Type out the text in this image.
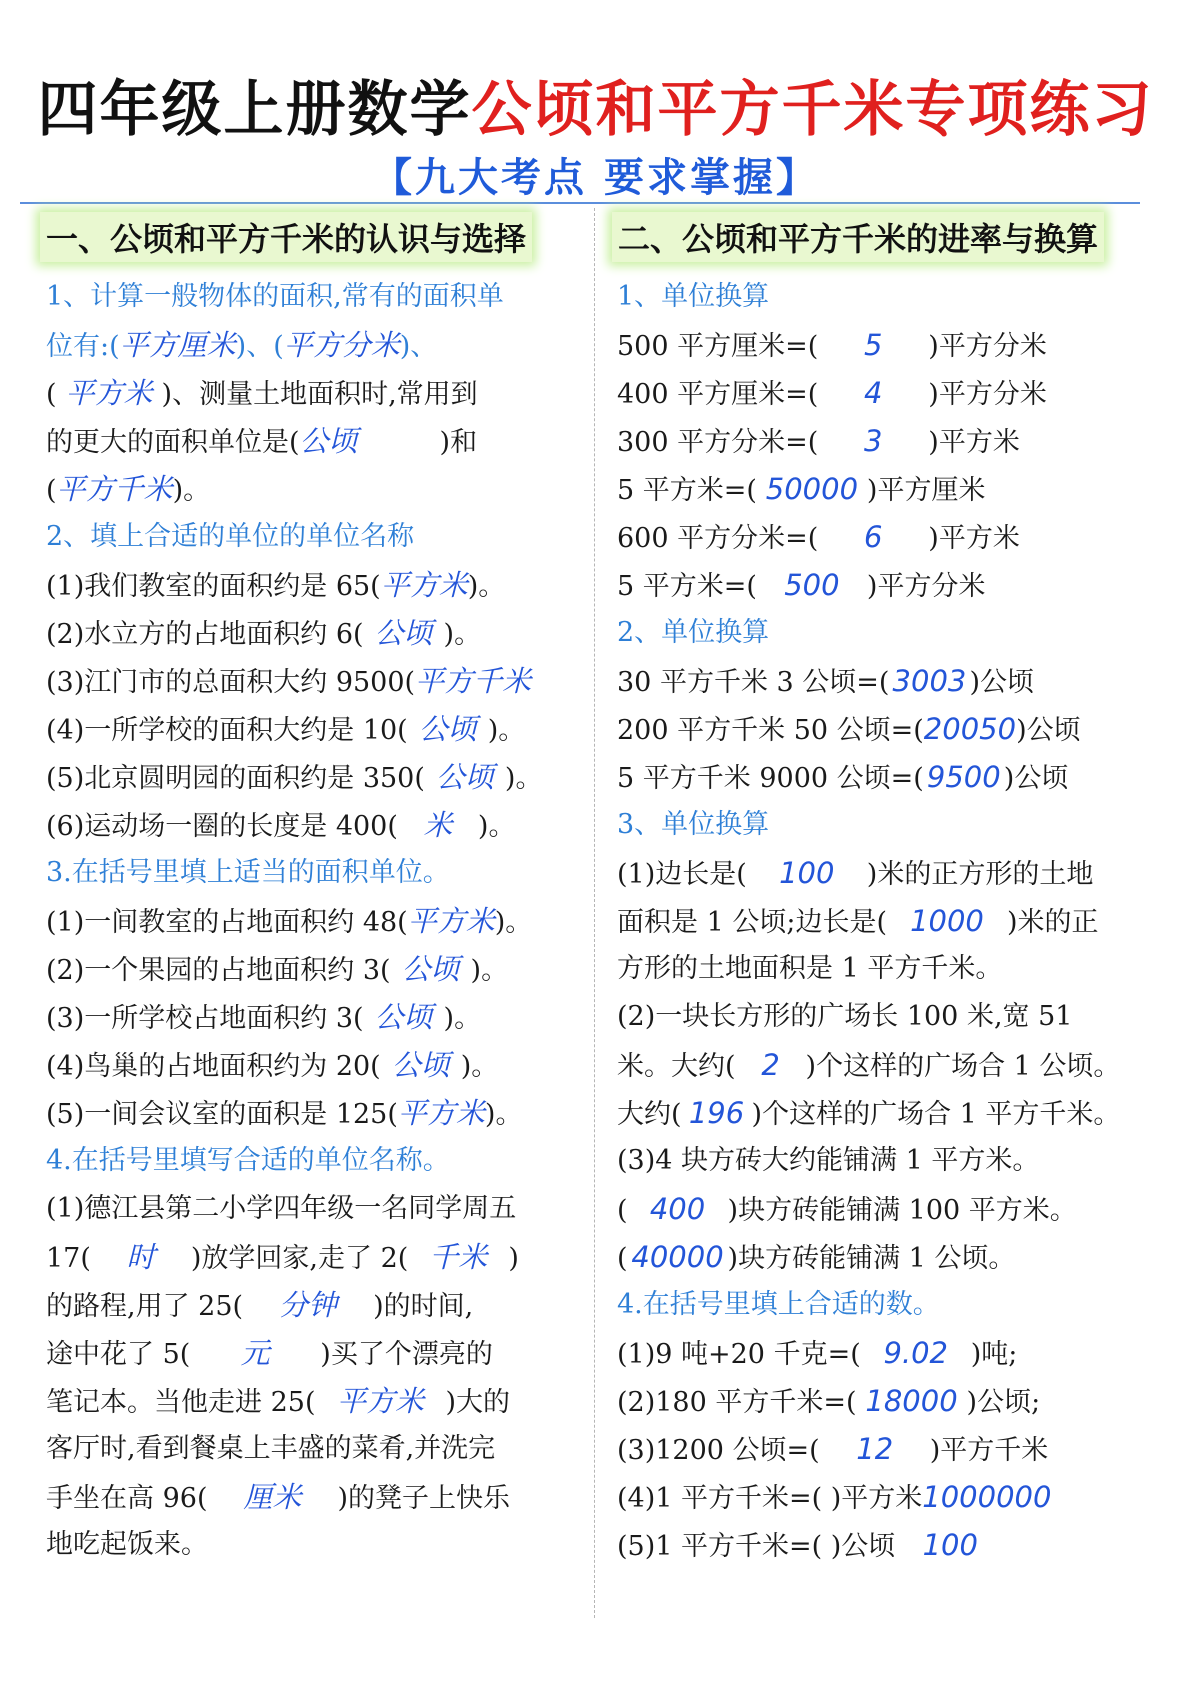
四年级上册数学公顷和平方千米专项练习
【九大考点 要求掌握】
一、公顷和平方千米的认识与选择	二、公顷和平方千米的进率与换算
1、计算一般物体的面积,常有的面积单
位有:(平方厘米)、(平方分米)、
( 平方米 )、测量土地面积时,常用到
的更大的面积单位是(公顷	)和
(平方千米)。
2、填上合适的单位的单位名称
(1)我们教室的面积约是 65(平方米)。
(2)水立方的占地面积约 6( 公顷 )。
(3)江门市的总面积大约 9500(平方千米
(4)一所学校的面积大约是 10( 公顷 )。
(5)北京圆明园的面积约是 350( 公顷 )。
(6)运动场一圈的长度是 400( 米 )。
3.在括号里填上适当的面积单位。
(1)一间教室的占地面积约 48(平方米)。
(2)一个果园的占地面积约 3( 公顷 )。
(3)一所学校占地面积约 3( 公顷 )。
(4)鸟巢的占地面积约为 20( 公顷 )。
(5)一间会议室的面积是 125(平方米)。
4.在括号里填写合适的单位名称。
(1)德江县第二小学四年级一名同学周五
17( 时 )放学回家,走了 2( 千米 )
的路程,用了 25( 分钟 )的时间,
途中花了 5( 元 )买了个漂亮的
笔记本。当他走进 25( 平方米 )大的
客厅时,看到餐桌上丰盛的菜肴,并洗完
手坐在高 96( 厘米 )的凳子上快乐
地吃起饭来。
1、单位换算
500 平方厘米=( 5 )平方分米
400 平方厘米=( 4 )平方分米
300 平方分米=( 3 )平方米
5 平方米=( 50000 )平方厘米
600 平方分米=( 6 )平方米
5 平方米=( 500 )平方分米
2、单位换算
30 平方千米 3 公顷=( 3003 )公顷
200 平方千米 50 公顷=(20050)公顷
5 平方千米 9000 公顷=( 9500 )公顷
3、单位换算
(1)边长是( 100 )米的正方形的土地
面积是 1 公顷;边长是( 1000 )米的正
方形的土地面积是 1 平方千米。
(2)一块长方形的广场长 100 米,宽 51
米。大约( 2 )个这样的广场合 1 公顷。
大约( 196 )个这样的广场合 1 平方千米。
(3)4 块方砖大约能铺满 1 平方米。
( 400 )块方砖能铺满 100 平方米。
( 40000 )块方砖能铺满 1 公顷。
4.在括号里填上合适的数。
(1)9 吨+20 千克=( 9.02 )吨;
(2)180 平方千米=( 18000 )公顷;
(3)1200 公顷=( 12 )平方千米
(4)1 平方千米=( )平方米1000000
(5)1 平方千米=( )公顷 100
